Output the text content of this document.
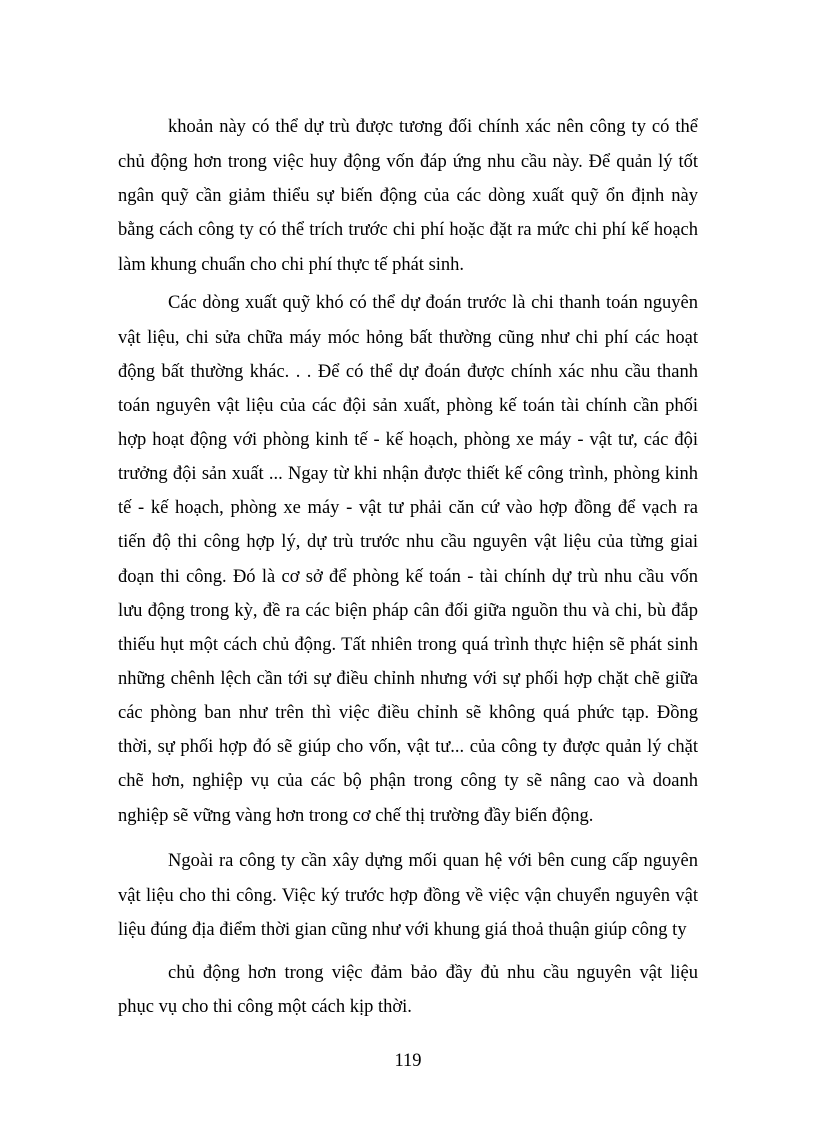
khoản này có thể dự trù được tương đối chính xác nên công ty có thể
chủ động hơn trong việc huy động vốn đáp ứng nhu cầu này. Để quản lý tốt
ngân quỹ cần giảm thiểu sự biến động của các dòng xuất quỹ ổn định này
bằng cách công ty có thể trích trước chi phí hoặc đặt ra mức chi phí kế hoạch
làm khung chuẩn cho chi phí thực tế phát sinh.
Các dòng xuất quỹ khó có thể dự đoán trước là chi thanh toán nguyên
vật liệu, chi sửa chữa máy móc hỏng bất thường cũng như chi phí các hoạt
động bất thường khác. . . Để có thể dự đoán được chính xác nhu cầu thanh
toán nguyên vật liệu của các đội sản xuất, phòng kế toán tài chính cần phối
hợp hoạt động với phòng kinh tế - kế hoạch, phòng xe máy - vật tư, các đội
trưởng đội sản xuất ... Ngay từ khi nhận được thiết kế công trình, phòng kinh
tế - kế hoạch, phòng xe máy - vật tư phải căn cứ vào hợp đồng để vạch ra
tiến độ thi công hợp lý, dự trù trước nhu cầu nguyên vật liệu của từng giai
đoạn thi công. Đó là cơ sở để phòng kế toán - tài chính dự trù nhu cầu vốn
lưu động trong kỳ, đề ra các biện pháp cân đối giữa nguồn thu và chi, bù đắp
thiếu hụt một cách chủ động. Tất nhiên trong quá trình thực hiện sẽ phát sinh
những chênh lệch cần tới sự điều chỉnh nhưng với sự phối hợp chặt chẽ giữa
các phòng ban như trên thì việc điều chỉnh sẽ không quá phức tạp. Đồng
thời, sự phối hợp đó sẽ giúp cho vốn, vật tư... của công ty được quản lý chặt
chẽ hơn, nghiệp vụ của các bộ phận trong công ty sẽ nâng cao và doanh
nghiệp sẽ vững vàng hơn trong cơ chế thị trường đầy biến động.
Ngoài ra công ty cần xây dựng mối quan hệ với bên cung cấp nguyên
vật liệu cho thi công. Việc ký trước hợp đồng về việc vận chuyển nguyên vật
liệu đúng địa điểm thời gian cũng như với khung giá thoả thuận giúp công ty
chủ động hơn trong việc đảm bảo đầy đủ nhu cầu nguyên vật liệu
phục vụ cho thi công một cách kịp thời.
119
